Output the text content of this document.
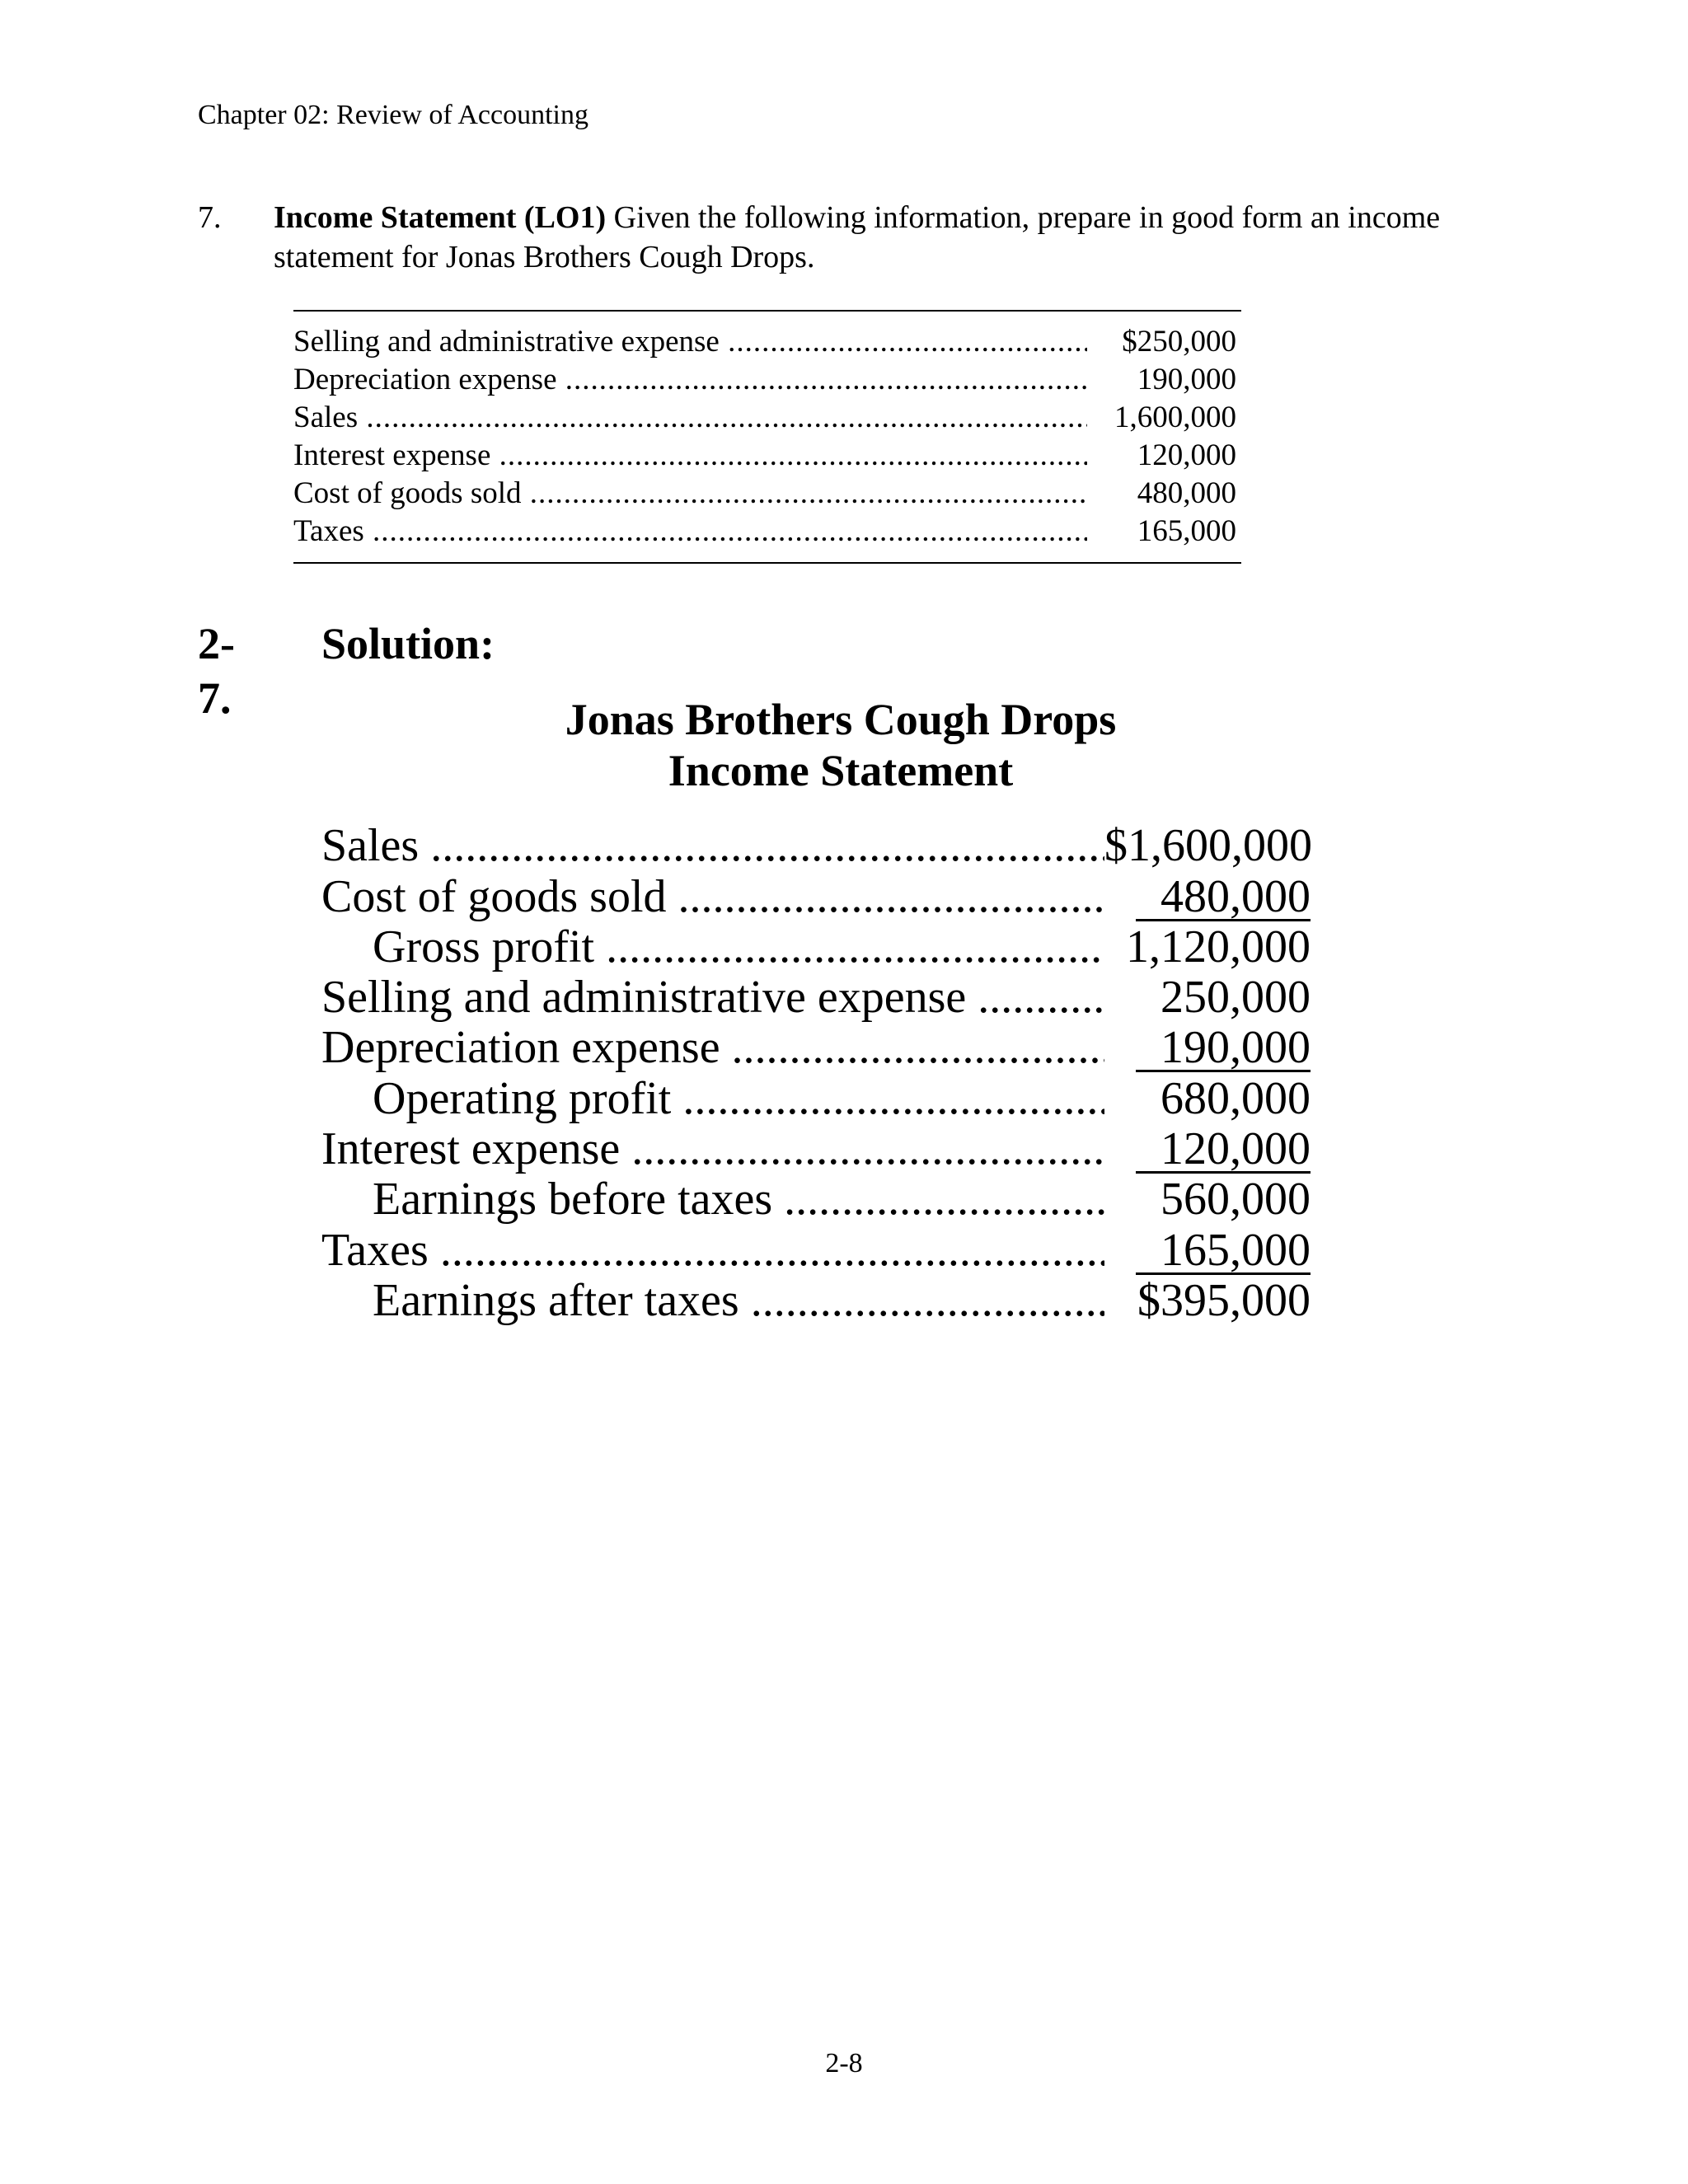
Chapter 02: Review of Accounting
7. Income Statement (LO1) Given the following information, prepare in good form an income statement for Jonas Brothers Cough Drops.
Selling and administrative expense .....	$250,000
Depreciation expense .....	190,000
Sales .....	1,600,000
Interest expense .....	120,000
Cost of goods sold .....	480,000
Taxes .....	165,000
2-7.
Solution:
Jonas Brothers Cough Drops
Income Statement
Sales .....	$1,600,000
Cost of goods sold .....	480,000
Gross profit .....	1,120,000
Selling and administrative expense .....	250,000
Depreciation expense .....	190,000
Operating profit .....	680,000
Interest expense .....	120,000
Earnings before taxes .....	560,000
Taxes .....	165,000
Earnings after taxes .....	$395,000
2-8
